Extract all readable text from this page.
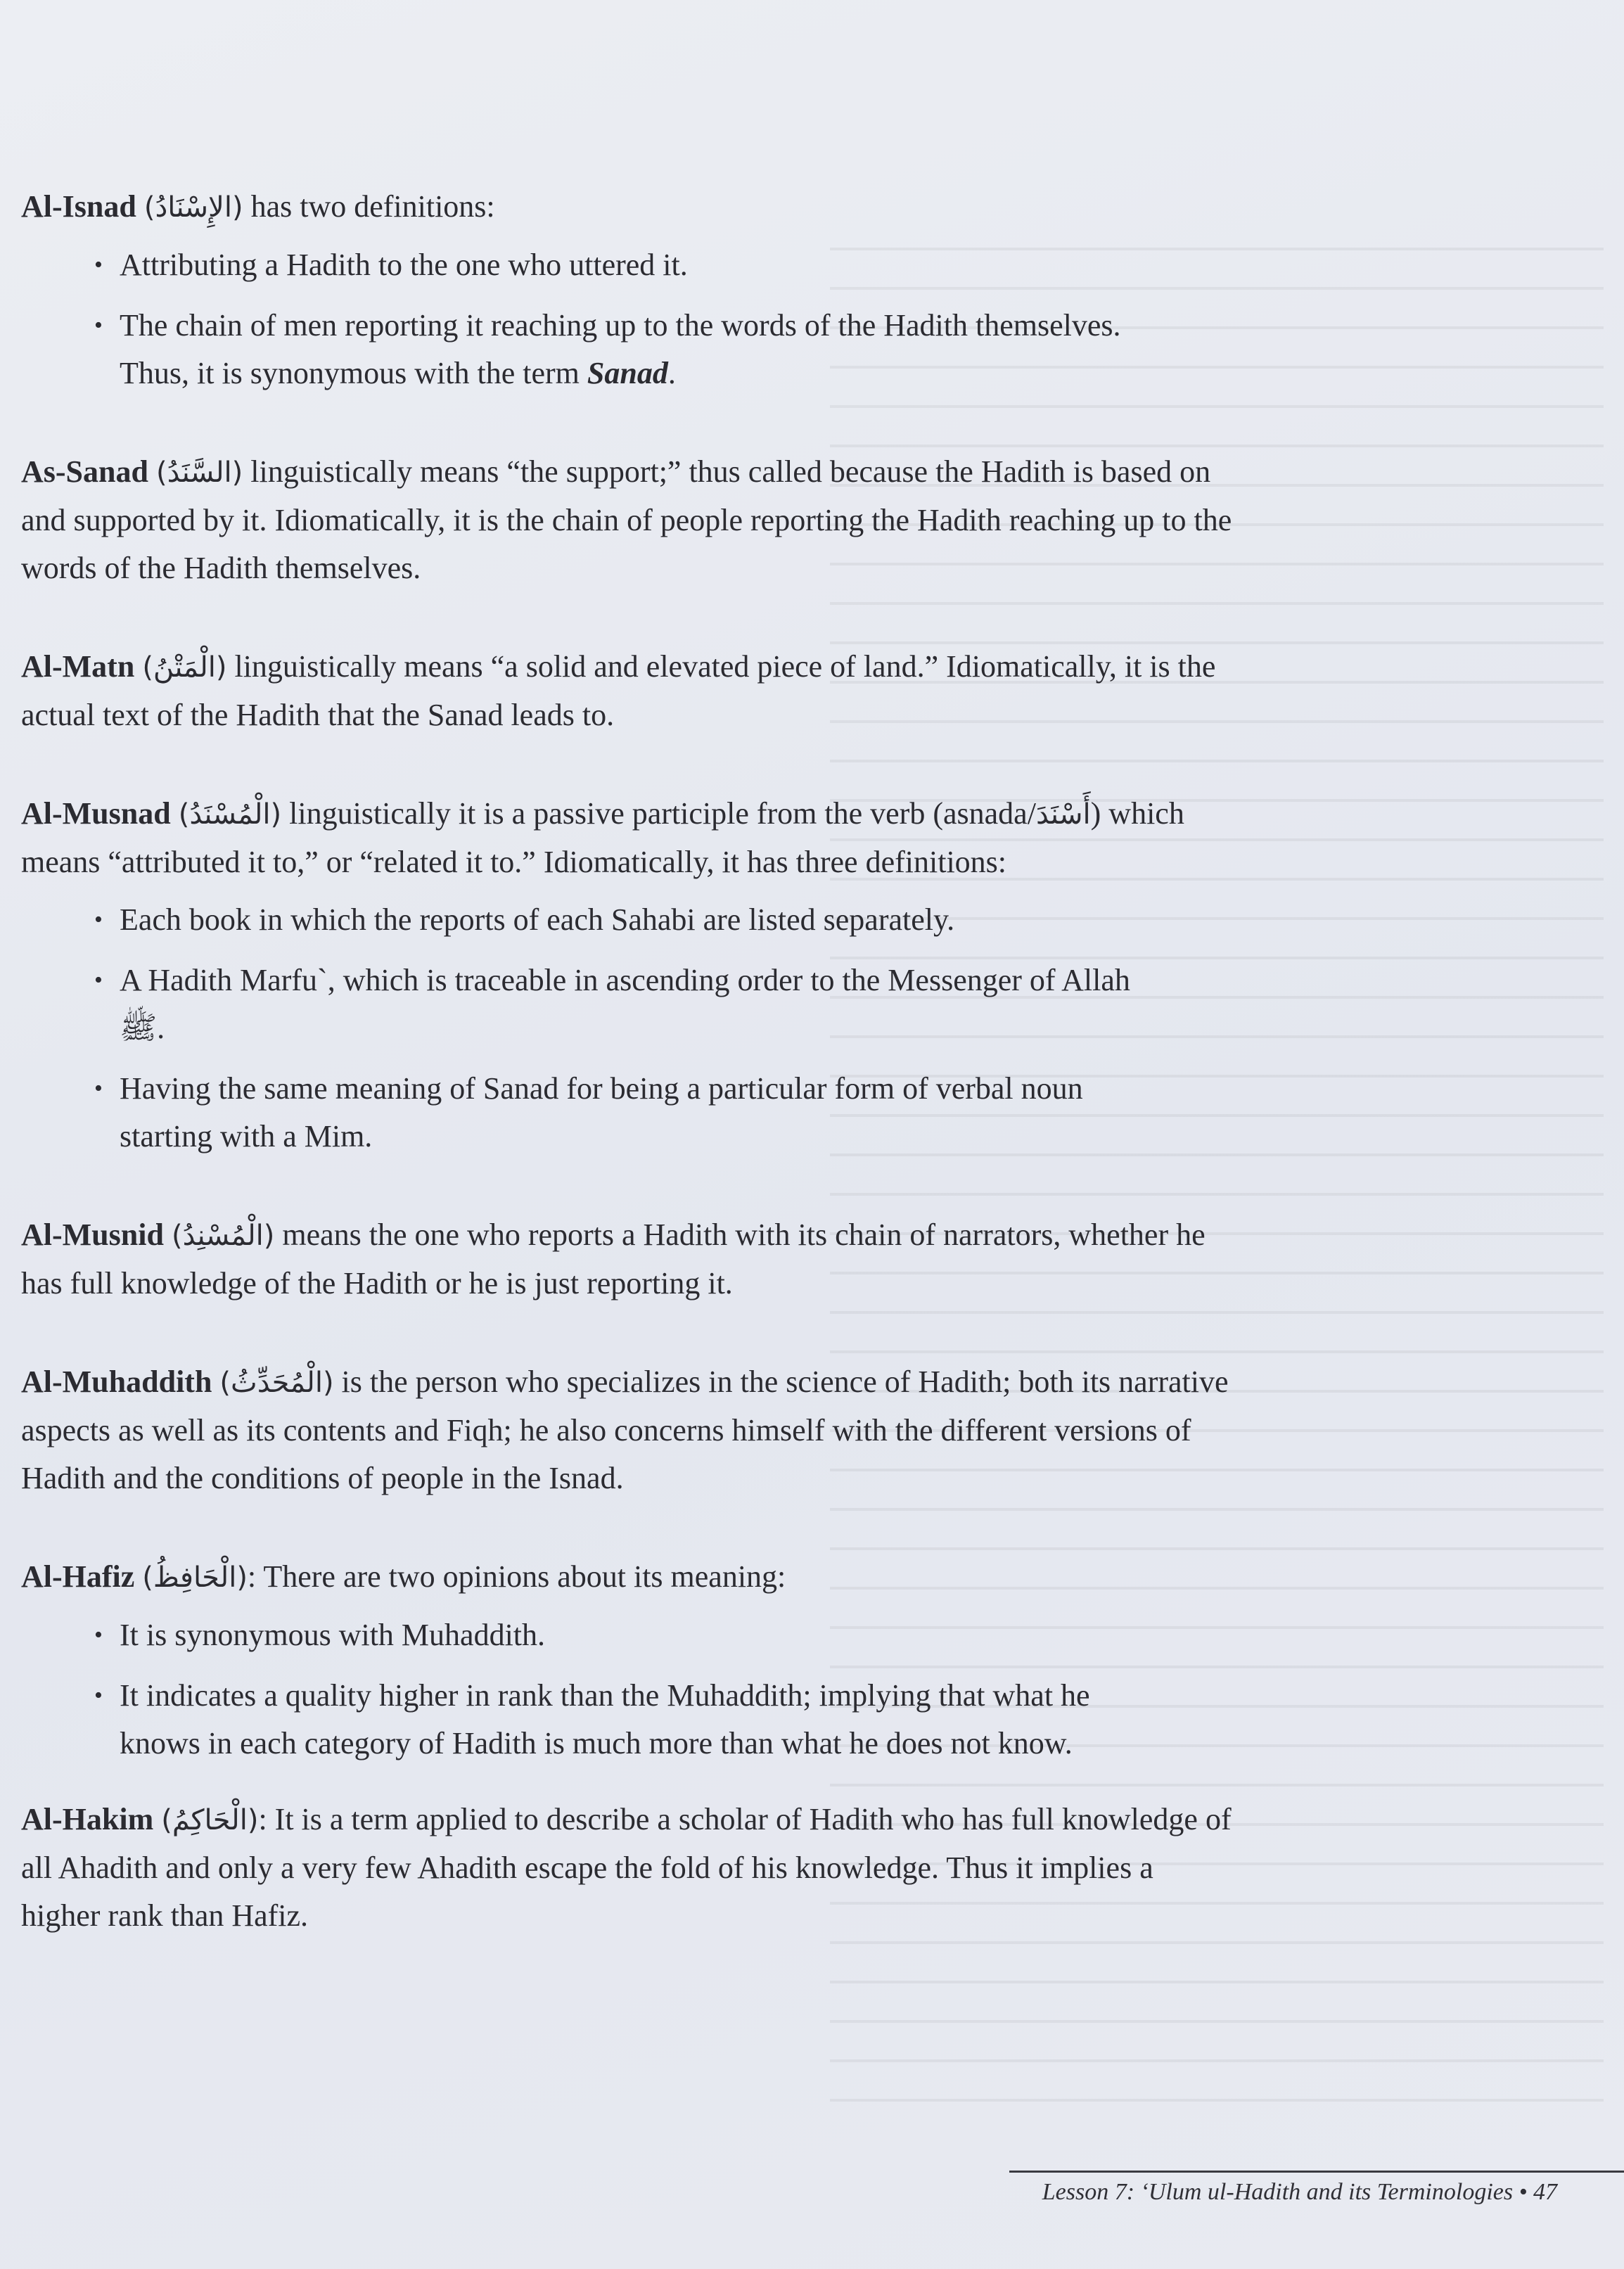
Al-Isnad (الإِسْنَادُ) has two definitions:

• Attributing a Hadith to the one who uttered it.
• The chain of men reporting it reaching up to the words of the Hadith themselves. Thus, it is synonymous with the term Sanad.

As-Sanad (السَّنَدُ) linguistically means “the support;” thus called because the Hadith is based on and supported by it. Idiomatically, it is the chain of people reporting the Hadith reaching up to the words of the Hadith themselves.

Al-Matn (الْمَتْنُ) linguistically means “a solid and elevated piece of land.” Idiomatically, it is the actual text of the Hadith that the Sanad leads to.

Al-Musnad (الْمُسْنَدُ) linguistically it is a passive participle from the verb (asnada/أَسْنَدَ) which means “attributed it to,” or “related it to.” Idiomatically, it has three definitions:

• Each book in which the reports of each Sahabi are listed separately.
• A Hadith Marfu`, which is traceable in ascending order to the Messenger of Allah ﷺ.
• Having the same meaning of Sanad for being a particular form of verbal noun starting with a Mim.

Al-Musnid (الْمُسْنِدُ) means the one who reports a Hadith with its chain of narrators, whether he has full knowledge of the Hadith or he is just reporting it.

Al-Muhaddith (الْمُحَدِّثُ) is the person who specializes in the science of Hadith; both its narrative aspects as well as its contents and Fiqh; he also concerns himself with the different versions of Hadith and the conditions of people in the Isnad.

Al-Hafiz (الْحَافِظُ): There are two opinions about its meaning:

• It is synonymous with Muhaddith.
• It indicates a quality higher in rank than the Muhaddith; implying that what he knows in each category of Hadith is much more than what he does not know.

Al-Hakim (الْحَاكِمُ): It is a term applied to describe a scholar of Hadith who has full knowledge of all Ahadith and only a very few Ahadith escape the fold of his knowledge. Thus it implies a higher rank than Hafiz.

Lesson 7: ‘Ulum ul-Hadith and its Terminologies • 47
